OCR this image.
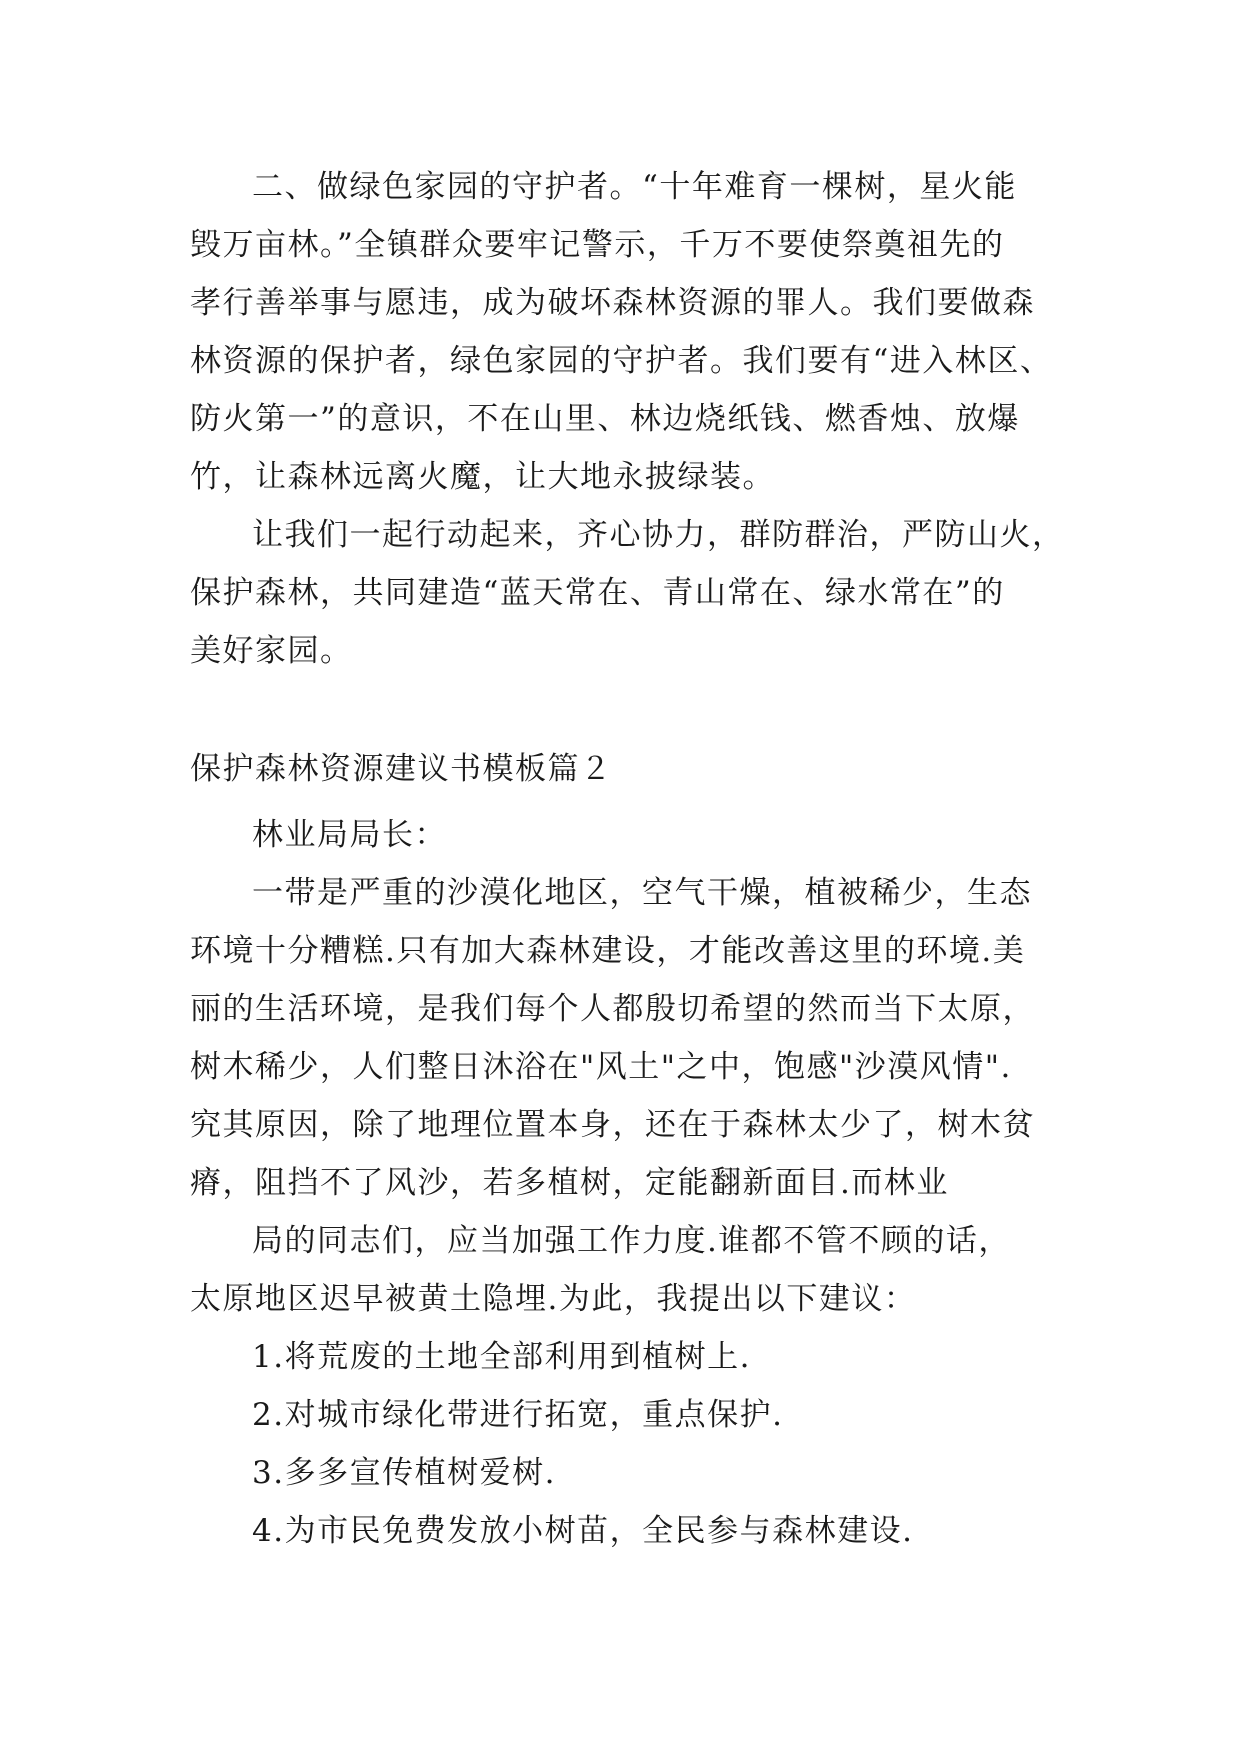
二、做绿色家园的守护者。“十年难育一棵树，星火能
毁万亩林。”全镇群众要牢记警示，千万不要使祭奠祖先的
孝行善举事与愿违，成为破坏森林资源的罪人。我们要做森
林资源的保护者，绿色家园的守护者。我们要有“进入林区、
防火第一”的意识，不在山里、林边烧纸钱、燃香烛、放爆
竹，让森林远离火魔，让大地永披绿装。
让我们一起行动起来，齐心协力，群防群治，严防山火，
保护森林，共同建造“蓝天常在、青山常在、绿水常在”的
美好家园。
保护森林资源建议书模板篇２
林业局局长：
一带是严重的沙漠化地区，空气干燥，植被稀少，生态
环境十分糟糕.只有加大森林建设，才能改善这里的环境.美
丽的生活环境，是我们每个人都殷切希望的然而当下太原，
树木稀少，人们整日沐浴在"风土"之中，饱感"沙漠风情".
究其原因，除了地理位置本身，还在于森林太少了，树木贫
瘠，阻挡不了风沙，若多植树，定能翻新面目.而林业
局的同志们，应当加强工作力度.谁都不管不顾的话，
太原地区迟早被黄土隐埋.为此，我提出以下建议：
1.将荒废的土地全部利用到植树上.
2.对城市绿化带进行拓宽，重点保护.
3.多多宣传植树爱树.
4.为市民免费发放小树苗，全民参与森林建设.
